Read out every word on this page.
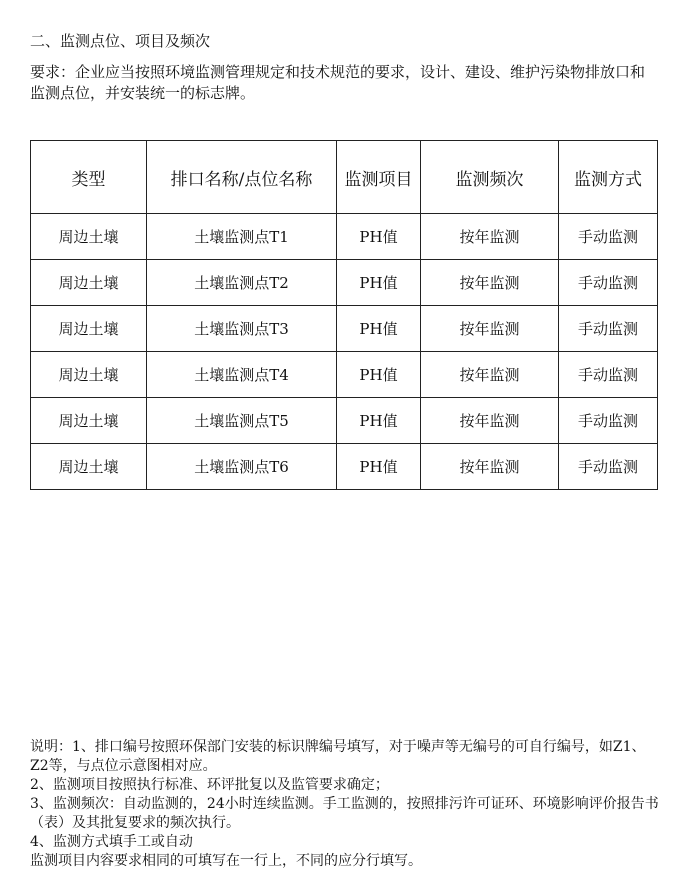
二、监测点位、项目及频次
要求：企业应当按照环境监测管理规定和技术规范的要求，设计、建设、维护污染物排放口和监测点位，并安装统一的标志牌。
类型	排口名称/点位名称	监测项目	监测频次	监测方式
周边土壤	土壤监测点T1	PH值	按年监测	手动监测
周边土壤	土壤监测点T2	PH值	按年监测	手动监测
周边土壤	土壤监测点T3	PH值	按年监测	手动监测
周边土壤	土壤监测点T4	PH值	按年监测	手动监测
周边土壤	土壤监测点T5	PH值	按年监测	手动监测
周边土壤	土壤监测点T6	PH值	按年监测	手动监测

说明：1、排口编号按照环保部门安装的标识牌编号填写，对于噪声等无编号的可自行编号，如Z1、Z2等，与点位示意图相对应。

2、监测项目按照执行标准、环评批复以及监管要求确定；

3、监测频次：自动监测的，24小时连续监测。手工监测的，按照排污许可证环、环境影响评价报告书（表）及其批复要求的频次执行。

4、监测方式填手工或自动

监测项目内容要求相同的可填写在一行上，不同的应分行填写。
